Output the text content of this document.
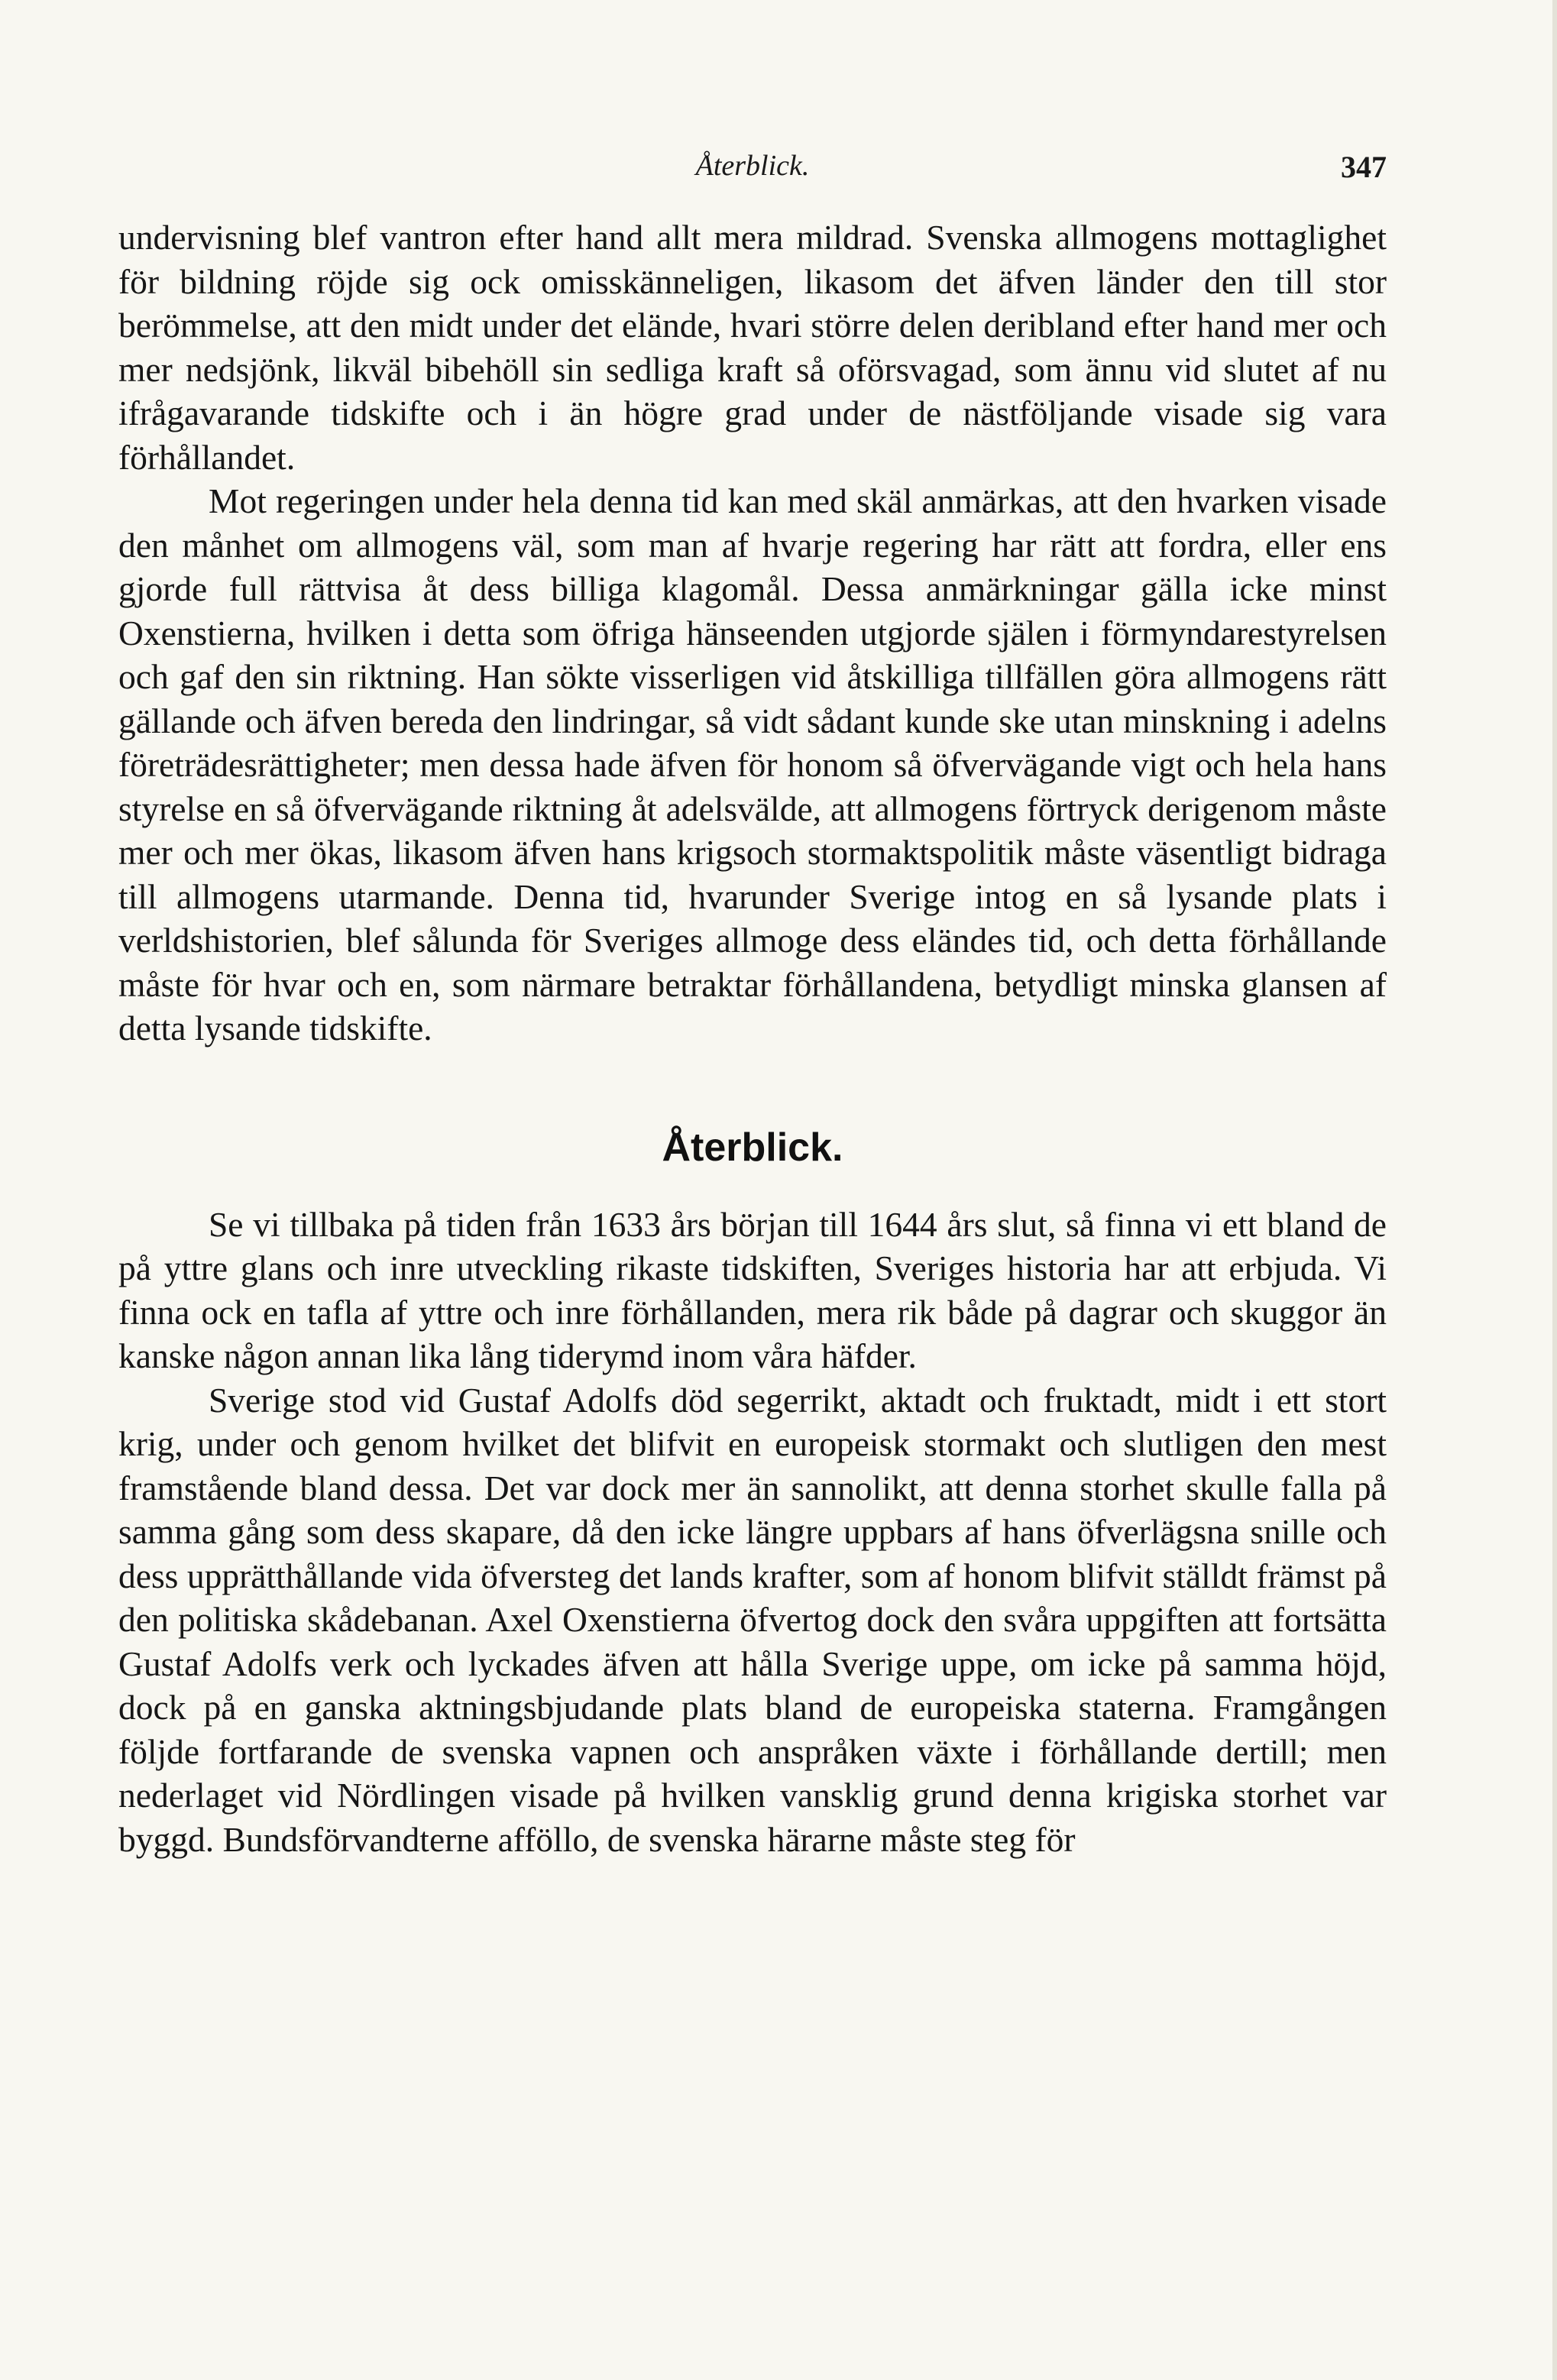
Återblick.	347

undervisning blef vantron efter hand allt mera mildrad. Svenska allmogens mottaglighet för bildning röjde sig ock omisskänneligen, likasom det äfven länder den till stor berömmelse, att den midt under det elände, hvari större delen deribland efter hand mer och mer nedsjönk, likväl bibehöll sin sedliga kraft så oförsvagad, som ännu vid slutet af nu ifrågavarande tidskifte och i än högre grad under de nästföljande visade sig vara förhållandet.

Mot regeringen under hela denna tid kan med skäl anmärkas, att den hvarken visade den månhet om allmogens väl, som man af hvarje regering har rätt att fordra, eller ens gjorde full rättvisa åt dess billiga klagomål. Dessa anmärkningar gälla icke minst Oxenstierna, hvilken i detta som öfriga hänseenden utgjorde själen i förmyndarestyrelsen och gaf den sin riktning. Han sökte visserligen vid åtskilliga tillfällen göra allmogens rätt gällande och äfven bereda den lindringar, så vidt sådant kunde ske utan minskning i adelns företrädesrättigheter; men dessa hade äfven för honom så öfvervägande vigt och hela hans styrelse en så öfvervägande riktning åt adelsvälde, att allmogens förtryck derigenom måste mer och mer ökas, likasom äfven hans krigsoch stormaktspolitik måste väsentligt bidraga till allmogens utarmande. Denna tid, hvarunder Sverige intog en så lysande plats i verldshistorien, blef sålunda för Sveriges allmoge dess eländes tid, och detta förhållande måste för hvar och en, som närmare betraktar förhållandena, betydligt minska glansen af detta lysande tidskifte.

Återblick.

Se vi tillbaka på tiden från 1633 års början till 1644 års slut, så finna vi ett bland de på yttre glans och inre utveckling rikaste tidskiften, Sveriges historia har att erbjuda. Vi finna ock en tafla af yttre och inre förhållanden, mera rik både på dagrar och skuggor än kanske någon annan lika lång tiderymd inom våra häfder.

Sverige stod vid Gustaf Adolfs död segerrikt, aktadt och fruktadt, midt i ett stort krig, under och genom hvilket det blifvit en europeisk stormakt och slutligen den mest framstående bland dessa. Det var dock mer än sannolikt, att denna storhet skulle falla på samma gång som dess skapare, då den icke längre uppbars af hans öfverlägsna snille och dess upprätthållande vida öfversteg det lands krafter, som af honom blifvit ställdt främst på den politiska skådebanan. Axel Oxenstierna öfvertog dock den svåra uppgiften att fortsätta Gustaf Adolfs verk och lyckades äfven att hålla Sverige uppe, om icke på samma höjd, dock på en ganska aktningsbjudande plats bland de europeiska staterna. Framgången följde fortfarande de svenska vapnen och anspråken växte i förhållande dertill; men nederlaget vid Nördlingen visade på hvilken vansklig grund denna krigiska storhet var byggd. Bundsförvandterne afföllo, de svenska härarne måste steg för
